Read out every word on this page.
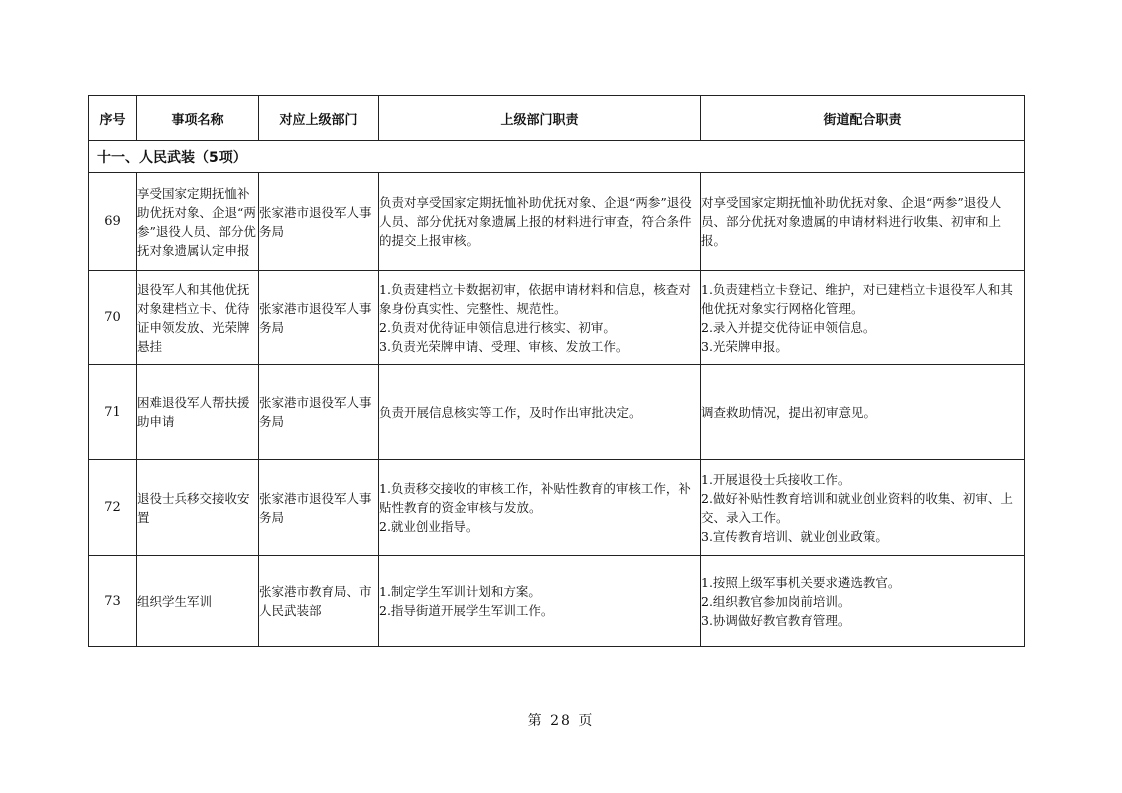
序号	事项名称	对应上级部门	上级部门职责	街道配合职责
十一、人民武装（5项）				
69	享受国家定期抚恤补助优抚对象、企退“两参”退役人员、部分优抚对象遗属认定申报	张家港市退役军人事务局	负责对享受国家定期抚恤补助优抚对象、企退“两参”退役人员、部分优抚对象遗属上报的材料进行审查，符合条件的提交上报审核。	对享受国家定期抚恤补助优抚对象、企退“两参”退役人员、部分优抚对象遗属的申请材料进行收集、初审和上报。

70	退役军人和其他优抚对象建档立卡、优待证申领发放、光荣牌悬挂	张家港市退役军人事务局	1.负责建档立卡数据初审，依据申请材料和信息，核查对象身份真实性、完整性、规范性。
2.负责对优待证申领信息进行核实、初审。
3.负责光荣牌申请、受理、审核、发放工作。	1.负责建档立卡登记、维护，对已建档立卡退役军人和其他优抚对象实行网格化管理。
2.录入并提交优待证申领信息。
3.光荣牌申报。

71	困难退役军人帮扶援助申请	张家港市退役军人事务局	负责开展信息核实等工作，及时作出审批决定。	调查救助情况，提出初审意见。

72	退役士兵移交接收安置	张家港市退役军人事务局	1.负责移交接收的审核工作，补贴性教育的审核工作，补贴性教育的资金审核与发放。
2.就业创业指导。	1.开展退役士兵接收工作。
2.做好补贴性教育培训和就业创业资料的收集、初审、上交、录入工作。
3.宣传教育培训、就业创业政策。

73	组织学生军训	张家港市教育局、市人民武装部	1.制定学生军训计划和方案。
2.指导街道开展学生军训工作。	1.按照上级军事机关要求遴选教官。
2.组织教官参加岗前培训。
3.协调做好教官教育管理。
第 28 页
